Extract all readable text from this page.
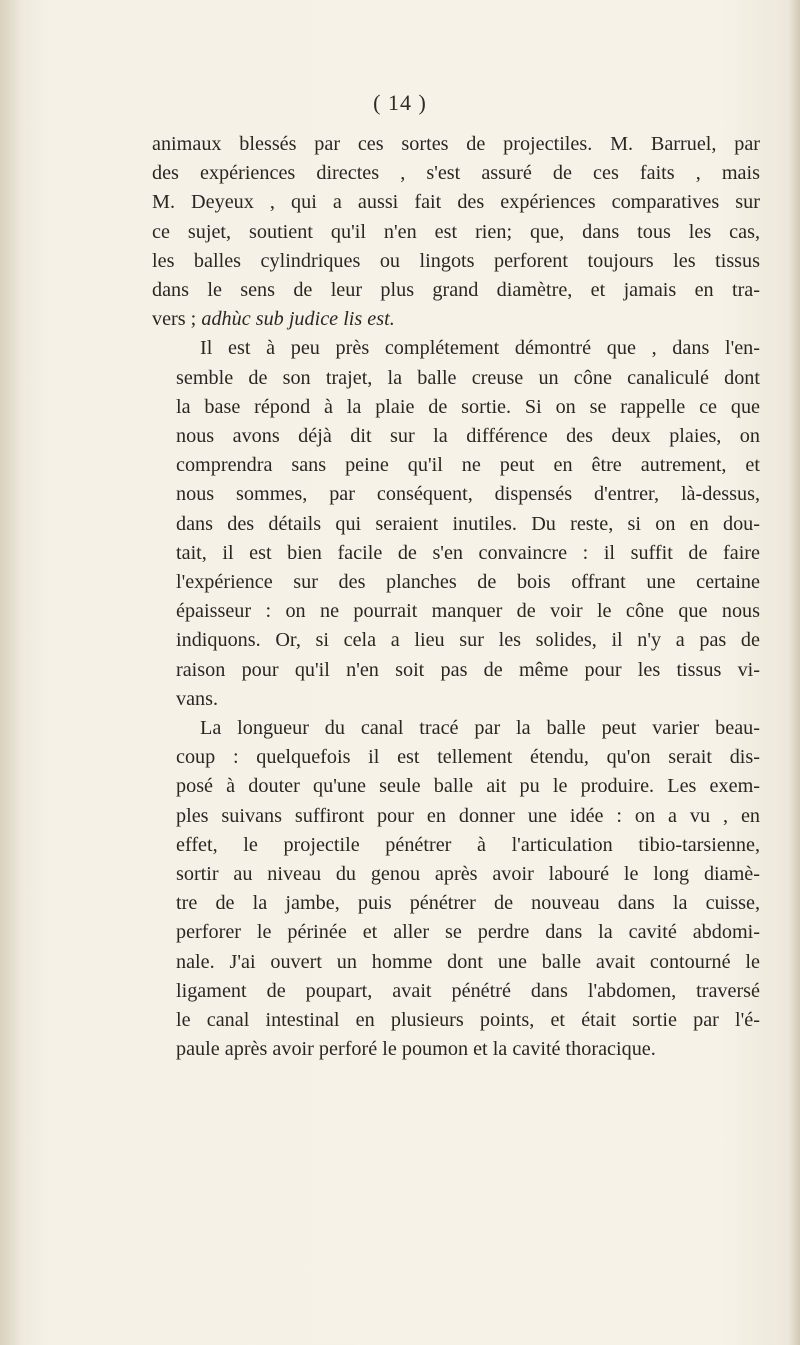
( 14 )

animaux blessés par ces sortes de projectiles. M. Barruel, par
des expériences directes , s'est assuré de ces faits , mais
M. Deyeux , qui a aussi fait des expériences comparatives sur
ce sujet, soutient qu'il n'en est rien; que, dans tous les cas,
les balles cylindriques ou lingots perforent toujours les tissus
dans le sens de leur plus grand diamètre, et jamais en tra-
vers ; adhùc sub judice lis est.

Il est à peu près complétement démontré que , dans l'en-
semble de son trajet, la balle creuse un cône canaliculé dont
la base répond à la plaie de sortie. Si on se rappelle ce que
nous avons déjà dit sur la différence des deux plaies, on
comprendra sans peine qu'il ne peut en être autrement, et
nous sommes, par conséquent, dispensés d'entrer, là-dessus,
dans des détails qui seraient inutiles. Du reste, si on en dou-
tait, il est bien facile de s'en convaincre : il suffit de faire
l'expérience sur des planches de bois offrant une certaine
épaisseur : on ne pourrait manquer de voir le cône que nous
indiquons. Or, si cela a lieu sur les solides, il n'y a pas de
raison pour qu'il n'en soit pas de même pour les tissus vi-
vans.

La longueur du canal tracé par la balle peut varier beau-
coup : quelquefois il est tellement étendu, qu'on serait dis-
posé à douter qu'une seule balle ait pu le produire. Les exem-
ples suivans suffiront pour en donner une idée : on a vu , en
effet, le projectile pénétrer à l'articulation tibio-tarsienne,
sortir au niveau du genou après avoir labouré le long diamè-
tre de la jambe, puis pénétrer de nouveau dans la cuisse,
perforer le périnée et aller se perdre dans la cavité abdomi-
nale. J'ai ouvert un homme dont une balle avait contourné le
ligament de poupart, avait pénétré dans l'abdomen, traversé
le canal intestinal en plusieurs points, et était sortie par l'é-
paule après avoir perforé le poumon et la cavité thoracique.
